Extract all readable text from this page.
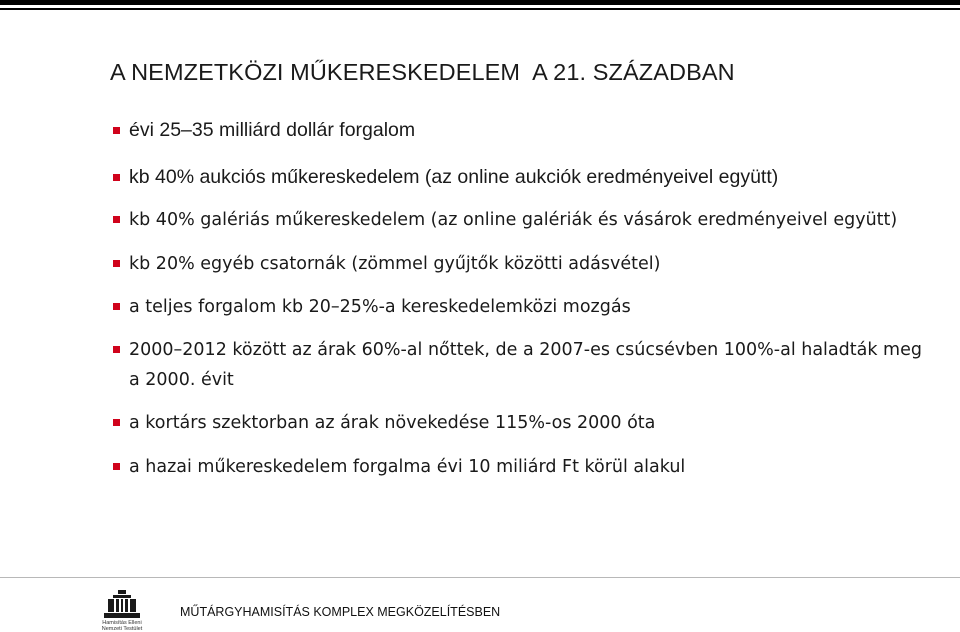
A NEMZETKÖZI MŰKERESKEDELEM  A 21. SZÁZADBAN
évi 25–35 milliárd dollár forgalom
kb 40% aukciós műkereskedelem (az online aukciók eredményeivel együtt)
kb 40% galériás műkereskedelem (az online galériák és vásárok eredményeivel együtt)
kb 20% egyéb csatornák (zömmel gyűjtők közötti adásvétel)
a teljes forgalom kb 20–25%-a kereskedelemközi mozgás
2000–2012 között az árak 60%-al nőttek, de a 2007-es csúcsévben 100%-al haladták meg a 2000. évit
a kortárs szektorban az árak növekedése 115%-os 2000 óta
a hazai műkereskedelem forgalma évi 10 miliárd Ft körül alakul
Hamisítás Elleni
Nemzeti Testület
MŰTÁRGYHAMISÍTÁS KOMPLEX MEGKÖZELÍTÉSBEN
